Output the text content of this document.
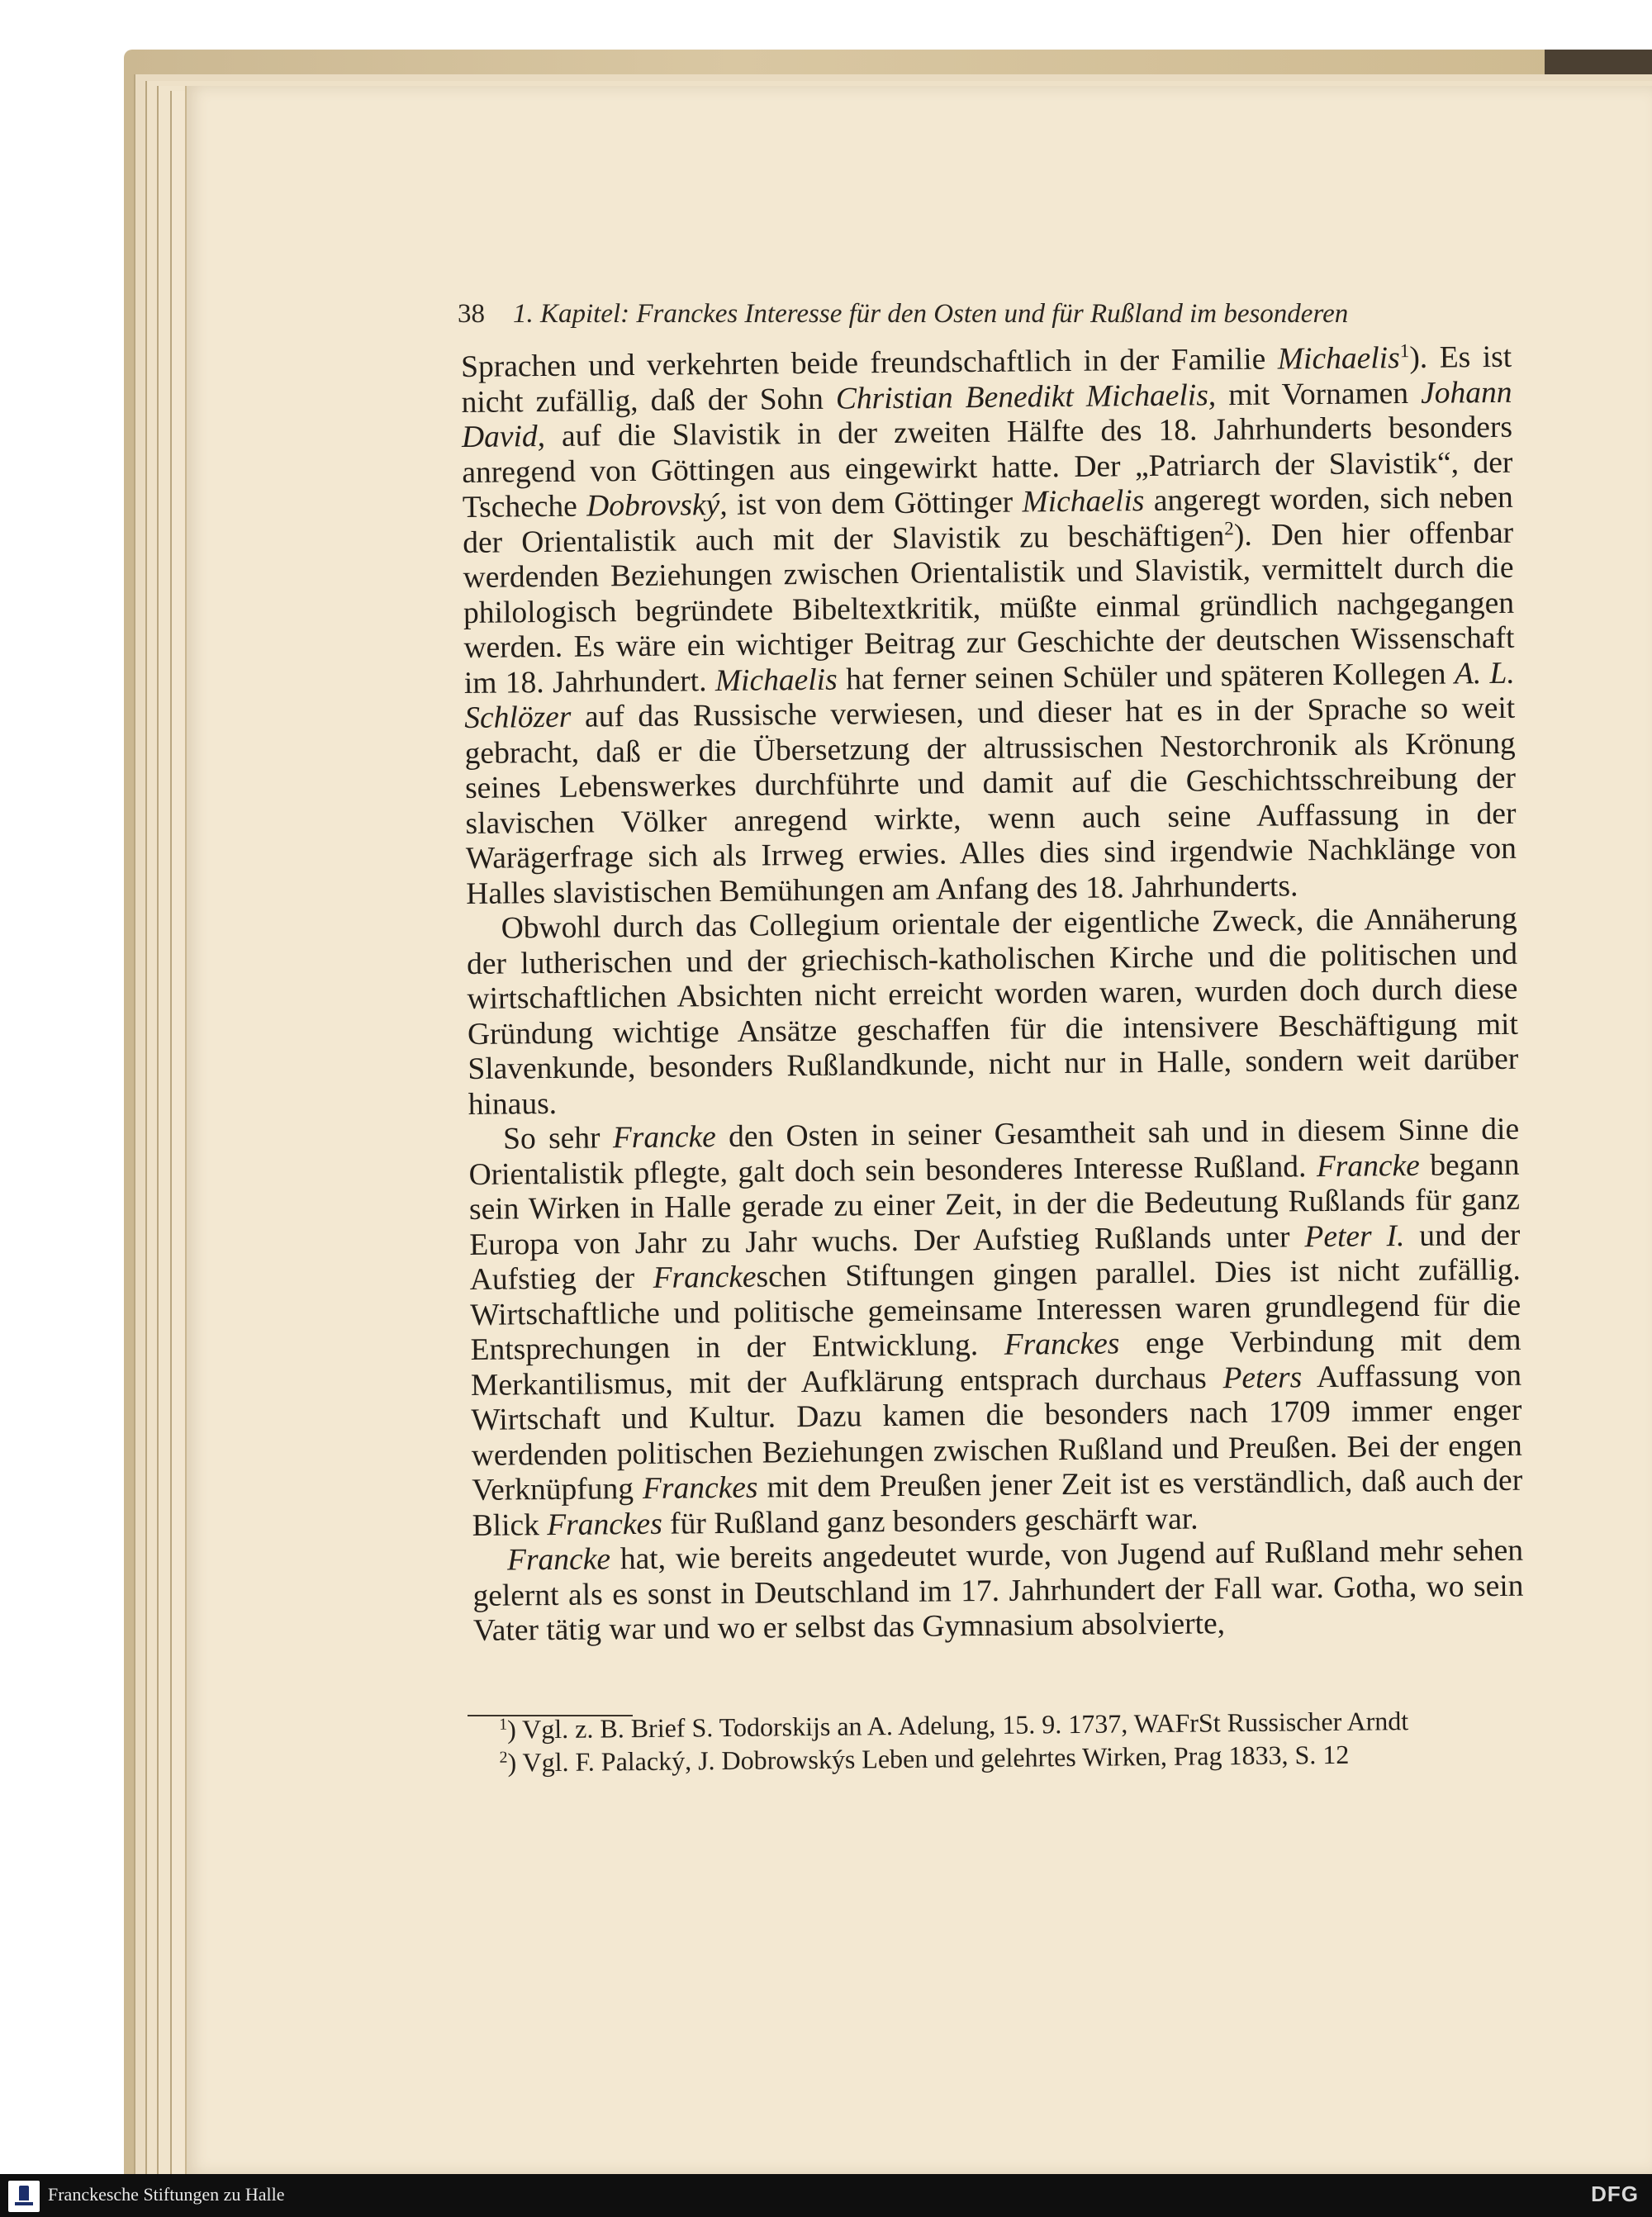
38 1. Kapitel: Franckes Interesse für den Osten und für Rußland im besonderen

Sprachen und verkehrten beide freundschaftlich in der Familie Michaelis$^1$). Es ist nicht zufällig, daß der Sohn Christian Benedikt Michaelis, mit Vornamen Johann David, auf die Slavistik in der zweiten Hälfte des 18. Jahrhunderts besonders anregend von Göttingen aus eingewirkt hatte. Der „Patriarch der Slavistik“, der Tscheche Dobrovský, ist von dem Göttinger Michaelis angeregt worden, sich neben der Orientalistik auch mit der Slavistik zu beschäftigen$^2$). Den hier offenbar werdenden Beziehungen zwischen Orientalistik und Slavistik, vermittelt durch die philologisch begründete Bibeltextkritik, müßte einmal gründlich nachgegangen werden. Es wäre ein wichtiger Beitrag zur Geschichte der deutschen Wissenschaft im 18. Jahrhundert. Michaelis hat ferner seinen Schüler und späteren Kollegen A. L. Schlözer auf das Russische verwiesen, und dieser hat es in der Sprache so weit gebracht, daß er die Übersetzung der altrussischen Nestorchronik als Krönung seines Lebenswerkes durchführte und damit auf die Geschichtsschreibung der slavischen Völker anregend wirkte, wenn auch seine Auffassung in der Warägerfrage sich als Irrweg erwies. Alles dies sind irgendwie Nachklänge von Halles slavistischen Bemühungen am Anfang des 18. Jahrhunderts.

Obwohl durch das Collegium orientale der eigentliche Zweck, die Annäherung der lutherischen und der griechisch-katholischen Kirche und die politischen und wirtschaftlichen Absichten nicht erreicht worden waren, wurden doch durch diese Gründung wichtige Ansätze geschaffen für die intensivere Beschäftigung mit Slavenkunde, besonders Rußlandkunde, nicht nur in Halle, sondern weit darüber hinaus.

So sehr Francke den Osten in seiner Gesamtheit sah und in diesem Sinne die Orientalistik pflegte, galt doch sein besonderes Interesse Rußland. Francke begann sein Wirken in Halle gerade zu einer Zeit, in der die Bedeutung Rußlands für ganz Europa von Jahr zu Jahr wuchs. Der Aufstieg Rußlands unter Peter I. und der Aufstieg der Franckeschen Stiftungen gingen parallel. Dies ist nicht zufällig. Wirtschaftliche und politische gemeinsame Interessen waren grundlegend für die Entsprechungen in der Entwicklung. Franckes enge Verbindung mit dem Merkantilismus, mit der Aufklärung entsprach durchaus Peters Auffassung von Wirtschaft und Kultur. Dazu kamen die besonders nach 1709 immer enger werdenden politischen Beziehungen zwischen Rußland und Preußen. Bei der engen Verknüpfung Franckes mit dem Preußen jener Zeit ist es verständlich, daß auch der Blick Franckes für Rußland ganz besonders geschärft war.

Francke hat, wie bereits angedeutet wurde, von Jugend auf Rußland mehr sehen gelernt als es sonst in Deutschland im 17. Jahrhundert der Fall war. Gotha, wo sein Vater tätig war und wo er selbst das Gymnasium absolvierte,

$^1$) Vgl. z. B. Brief S. Todorskijs an A. Adelung, 15. 9. 1737, WAFrSt Russischer Arndt

$^2$) Vgl. F. Palacký, J. Dobrowskýs Leben und gelehrtes Wirken, Prag 1833, S. 12

Franckesche Stiftungen zu Halle	DFG
